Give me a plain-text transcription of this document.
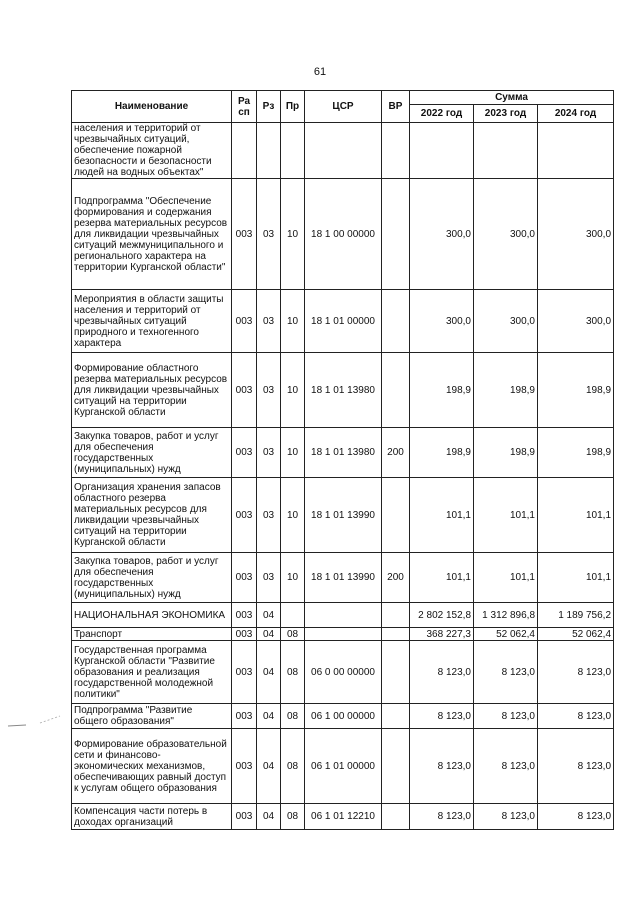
61
Наименование	Ра сп	Рз	Пр	ЦСР	ВР	Сумма		
						2022 год	2023 год	2024 год
населения и территорий от чрезвычайных ситуаций, обеспечение пожарной безопасности и безопасности людей на водных объектах"								
Подпрограмма "Обеспечение формирования и содержания резерва материальных ресурсов для ликвидации чрезвычайных ситуаций межмуниципального и регионального характера на территории Курганской области"	003	03	10	18 1 00 00000		300,0	300,0	300,0
Мероприятия в области защиты населения и территорий от чрезвычайных ситуаций природного и техногенного характера	003	03	10	18 1 01 00000		300,0	300,0	300,0
Формирование областного резерва материальных ресурсов для ликвидации чрезвычайных ситуаций на территории Курганской области	003	03	10	18 1 01 13980		198,9	198,9	198,9
Закупка товаров, работ и услуг для обеспечения государственных (муниципальных) нужд	003	03	10	18 1 01 13980	200	198,9	198,9	198,9
Организация хранения запасов областного резерва материальных ресурсов для ликвидации чрезвычайных ситуаций на территории Курганской области	003	03	10	18 1 01 13990		101,1	101,1	101,1
Закупка товаров, работ и услуг для обеспечения государственных (муниципальных) нужд	003	03	10	18 1 01 13990	200	101,1	101,1	101,1
НАЦИОНАЛЬНАЯ ЭКОНОМИКА	003	04				2 802 152,8	1 312 896,8	1 189 756,2
Транспорт	003	04	08			368 227,3	52 062,4	52 062,4
Государственная программа Курганской области "Развитие образования и реализация государственной молодежной политики"	003	04	08	06 0 00 00000		8 123,0	8 123,0	8 123,0
Подпрограмма "Развитие общего образования"	003	04	08	06 1 00 00000		8 123,0	8 123,0	8 123,0
Формирование образовательной сети и финансово-экономических механизмов, обеспечивающих равный доступ к услугам общего образования	003	04	08	06 1 01 00000		8 123,0	8 123,0	8 123,0
Компенсация части потерь в доходах организаций	003	04	08	06 1 01 12210		8 123,0	8 123,0	8 123,0
